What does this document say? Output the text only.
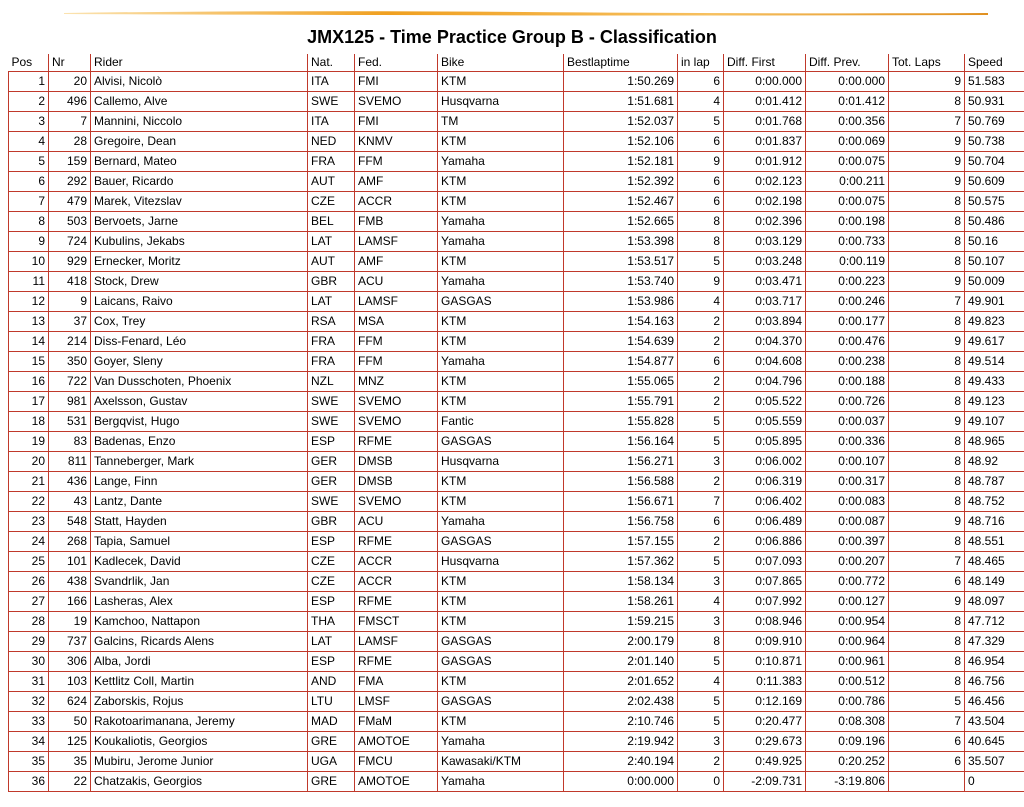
JMX125 - Time Practice Group B - Classification
Pos	Nr	Rider	Nat.	Fed.	Bike	Bestlaptime	in lap	Diff. First	Diff. Prev.	Tot. Laps	Speed
1	20	Alvisi, Nicolò	ITA	FMI	KTM	1:50.269	6	0:00.000	0:00.000	9	51.583
2	496	Callemo, Alve	SWE	SVEMO	Husqvarna	1:51.681	4	0:01.412	0:01.412	8	50.931
3	7	Mannini, Niccolo	ITA	FMI	TM	1:52.037	5	0:01.768	0:00.356	7	50.769
4	28	Gregoire, Dean	NED	KNMV	KTM	1:52.106	6	0:01.837	0:00.069	9	50.738
5	159	Bernard, Mateo	FRA	FFM	Yamaha	1:52.181	9	0:01.912	0:00.075	9	50.704
6	292	Bauer, Ricardo	AUT	AMF	KTM	1:52.392	6	0:02.123	0:00.211	9	50.609
7	479	Marek, Vitezslav	CZE	ACCR	KTM	1:52.467	6	0:02.198	0:00.075	8	50.575
8	503	Bervoets, Jarne	BEL	FMB	Yamaha	1:52.665	8	0:02.396	0:00.198	8	50.486
9	724	Kubulins, Jekabs	LAT	LAMSF	Yamaha	1:53.398	8	0:03.129	0:00.733	8	50.16
10	929	Ernecker, Moritz	AUT	AMF	KTM	1:53.517	5	0:03.248	0:00.119	8	50.107
11	418	Stock, Drew	GBR	ACU	Yamaha	1:53.740	9	0:03.471	0:00.223	9	50.009
12	9	Laicans, Raivo	LAT	LAMSF	GASGAS	1:53.986	4	0:03.717	0:00.246	7	49.901
13	37	Cox, Trey	RSA	MSA	KTM	1:54.163	2	0:03.894	0:00.177	8	49.823
14	214	Diss-Fenard, Léo	FRA	FFM	KTM	1:54.639	2	0:04.370	0:00.476	9	49.617
15	350	Goyer, Sleny	FRA	FFM	Yamaha	1:54.877	6	0:04.608	0:00.238	8	49.514
16	722	Van Dusschoten, Phoenix	NZL	MNZ	KTM	1:55.065	2	0:04.796	0:00.188	8	49.433
17	981	Axelsson, Gustav	SWE	SVEMO	KTM	1:55.791	2	0:05.522	0:00.726	8	49.123
18	531	Bergqvist, Hugo	SWE	SVEMO	Fantic	1:55.828	5	0:05.559	0:00.037	9	49.107
19	83	Badenas, Enzo	ESP	RFME	GASGAS	1:56.164	5	0:05.895	0:00.336	8	48.965
20	811	Tanneberger, Mark	GER	DMSB	Husqvarna	1:56.271	3	0:06.002	0:00.107	8	48.92
21	436	Lange, Finn	GER	DMSB	KTM	1:56.588	2	0:06.319	0:00.317	8	48.787
22	43	Lantz, Dante	SWE	SVEMO	KTM	1:56.671	7	0:06.402	0:00.083	8	48.752
23	548	Statt, Hayden	GBR	ACU	Yamaha	1:56.758	6	0:06.489	0:00.087	9	48.716
24	268	Tapia, Samuel	ESP	RFME	GASGAS	1:57.155	2	0:06.886	0:00.397	8	48.551
25	101	Kadlecek, David	CZE	ACCR	Husqvarna	1:57.362	5	0:07.093	0:00.207	7	48.465
26	438	Svandrlik, Jan	CZE	ACCR	KTM	1:58.134	3	0:07.865	0:00.772	6	48.149
27	166	Lasheras, Alex	ESP	RFME	KTM	1:58.261	4	0:07.992	0:00.127	9	48.097
28	19	Kamchoo, Nattapon	THA	FMSCT	KTM	1:59.215	3	0:08.946	0:00.954	8	47.712
29	737	Galcins, Ricards Alens	LAT	LAMSF	GASGAS	2:00.179	8	0:09.910	0:00.964	8	47.329
30	306	Alba, Jordi	ESP	RFME	GASGAS	2:01.140	5	0:10.871	0:00.961	8	46.954
31	103	Kettlitz Coll, Martin	AND	FMA	KTM	2:01.652	4	0:11.383	0:00.512	8	46.756
32	624	Zaborskis, Rojus	LTU	LMSF	GASGAS	2:02.438	5	0:12.169	0:00.786	5	46.456
33	50	Rakotoarimanana, Jeremy	MAD	FMaM	KTM	2:10.746	5	0:20.477	0:08.308	7	43.504
34	125	Koukaliotis, Georgios	GRE	AMOTOE	Yamaha	2:19.942	3	0:29.673	0:09.196	6	40.645
35	35	Mubiru, Jerome Junior	UGA	FMCU	Kawasaki/KTM	2:40.194	2	0:49.925	0:20.252	6	35.507
36	22	Chatzakis, Georgios	GRE	AMOTOE	Yamaha	0:00.000	0	-2:09.731	-3:19.806		0
